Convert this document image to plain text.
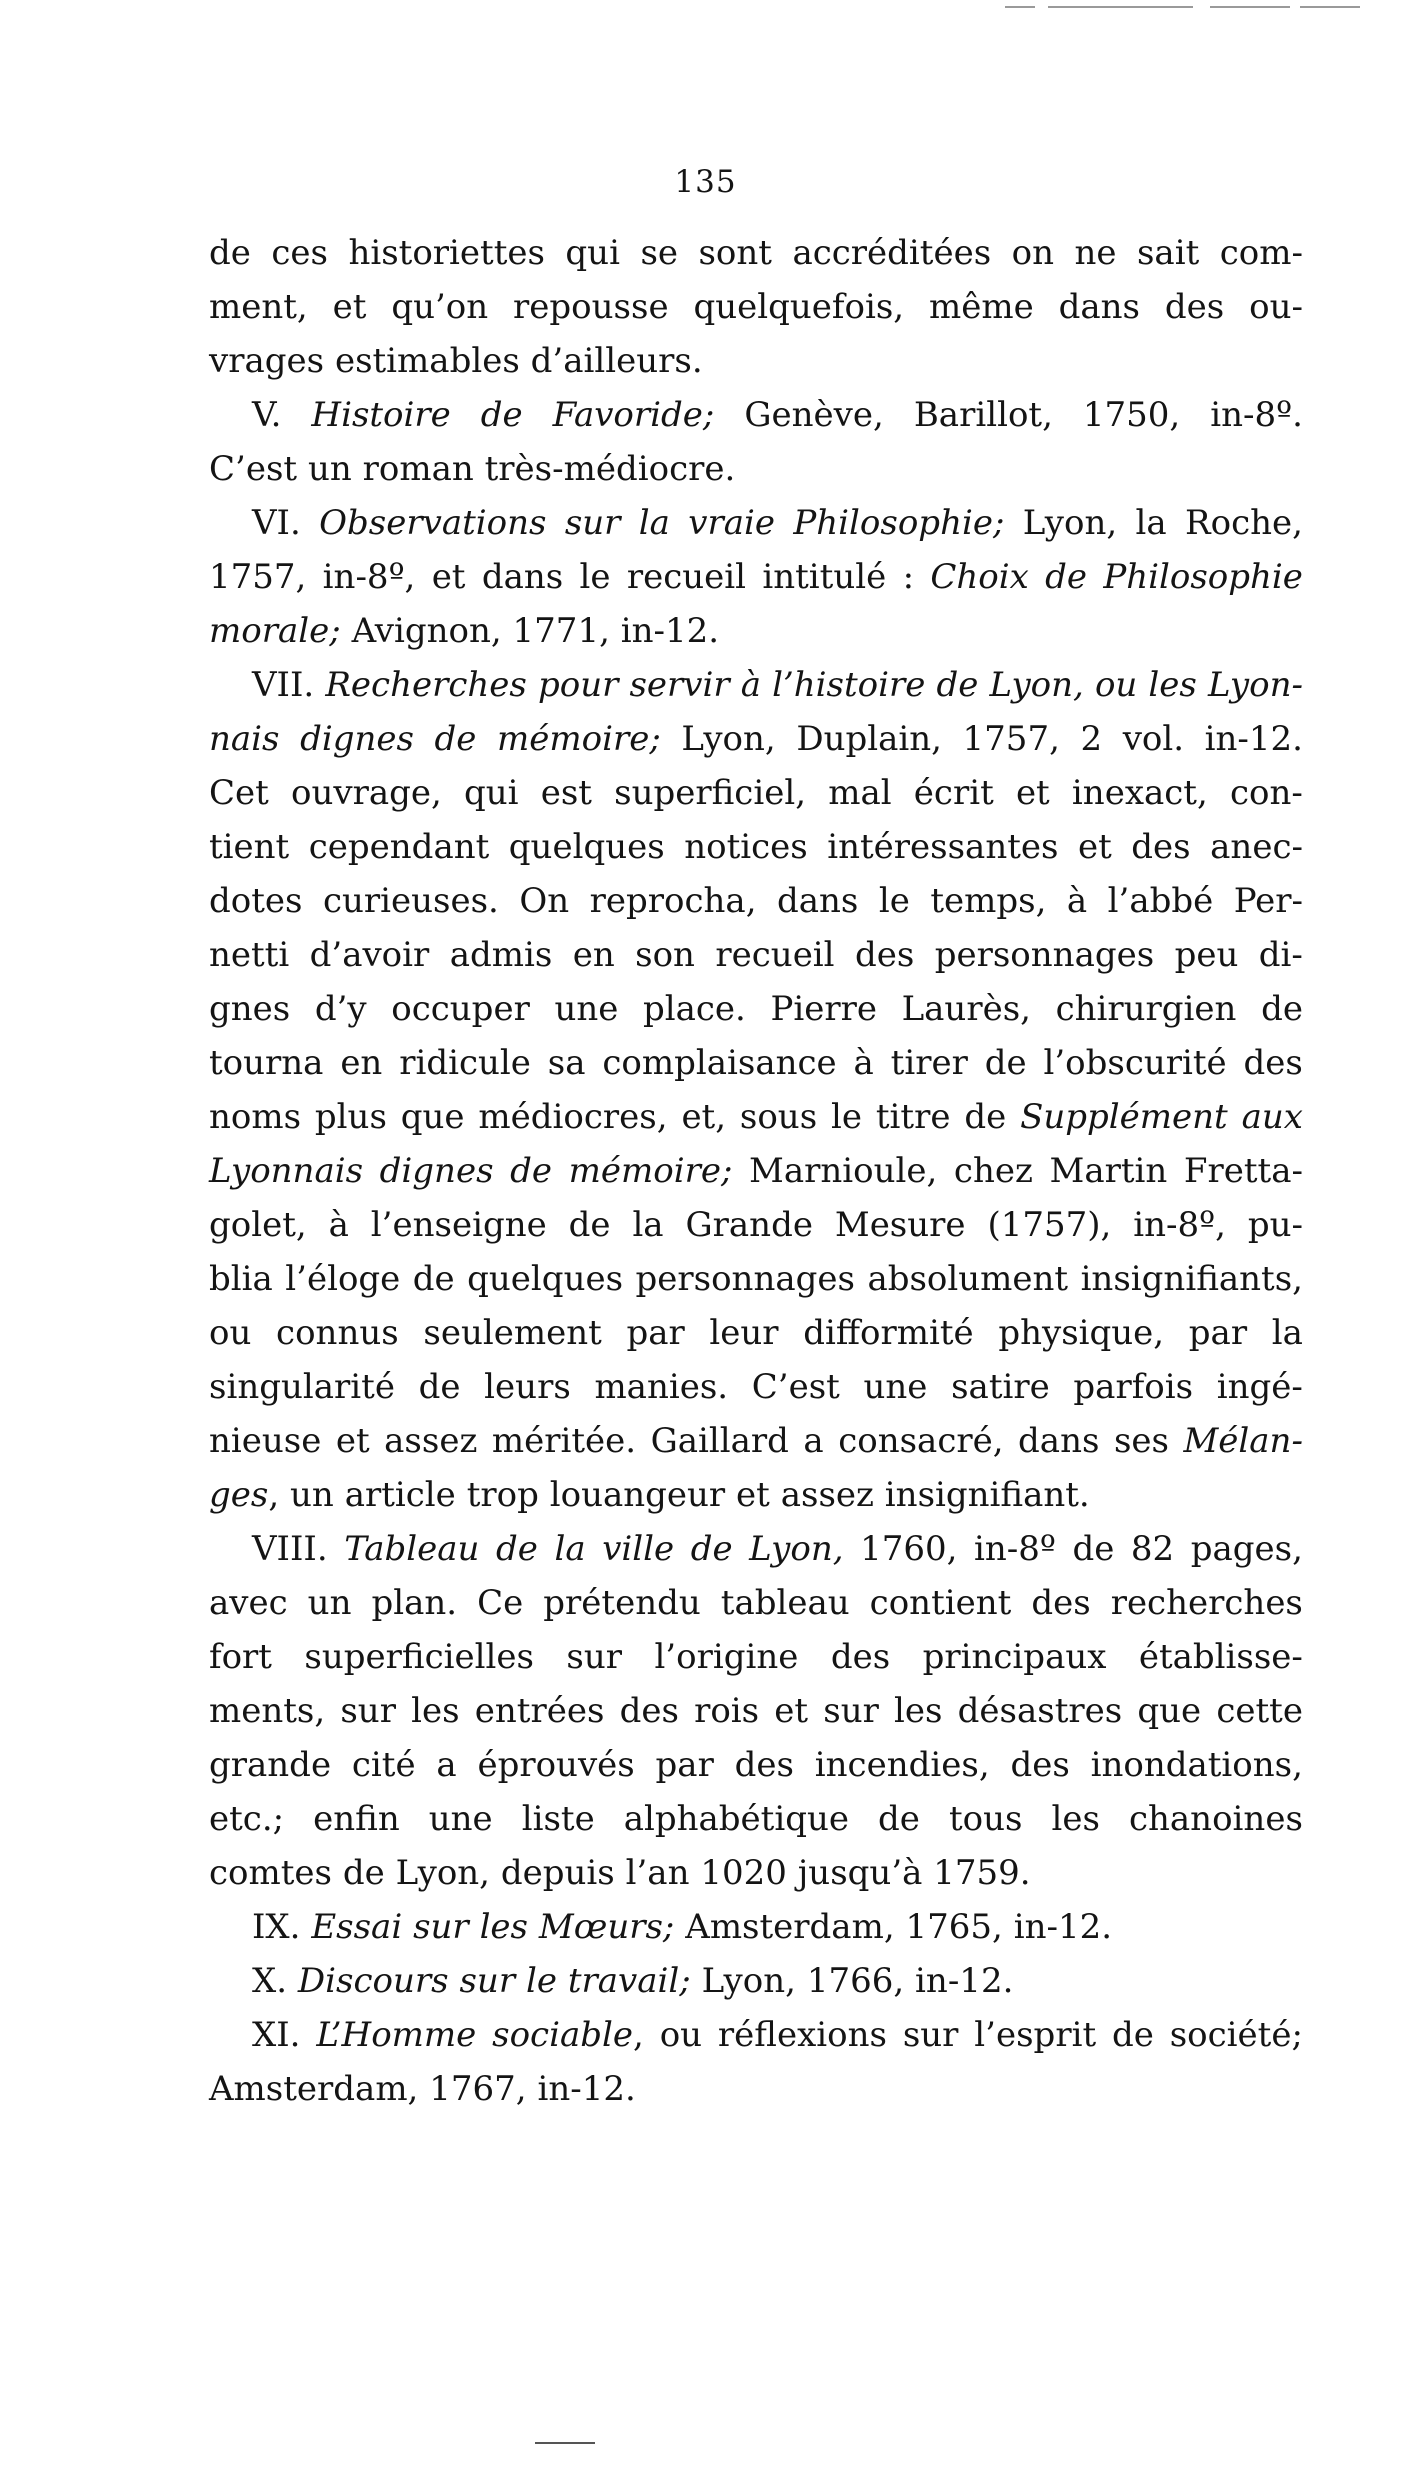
135
de ces historiettes qui se sont accréditées on ne sait com-
ment, et qu’on repousse quelquefois, même dans des ou-
vrages estimables d’ailleurs.
V. Histoire de Favoride; Genève, Barillot, 1750, in-8º.
C’est un roman très-médiocre.
VI. Observations sur la vraie Philosophie; Lyon, la Roche,
1757, in-8º, et dans le recueil intitulé : Choix de Philosophie
morale; Avignon, 1771, in-12.
VII. Recherches pour servir à l’histoire de Lyon, ou les Lyon-
nais dignes de mémoire; Lyon, Duplain, 1757, 2 vol. in-12.
Cet ouvrage, qui est superficiel, mal écrit et inexact, con-
tient cependant quelques notices intéressantes et des anec-
dotes curieuses. On reprocha, dans le temps, à l’abbé Per-
netti d’avoir admis en son recueil des personnages peu di-
gnes d’y occuper une place. Pierre Laurès, chirurgien de
tourna en ridicule sa complaisance à tirer de l’obscurité des
noms plus que médiocres, et, sous le titre de Supplément aux
Lyonnais dignes de mémoire; Marnioule, chez Martin Fretta-
golet, à l’enseigne de la Grande Mesure (1757), in-8º, pu-
blia l’éloge de quelques personnages absolument insignifiants,
ou connus seulement par leur difformité physique, par la
singularité de leurs manies. C’est une satire parfois ingé-
nieuse et assez méritée. Gaillard a consacré, dans ses Mélan-
ges, un article trop louangeur et assez insignifiant.
VIII. Tableau de la ville de Lyon, 1760, in-8º de 82 pages,
avec un plan. Ce prétendu tableau contient des recherches
fort superficielles sur l’origine des principaux établisse-
ments, sur les entrées des rois et sur les désastres que cette
grande cité a éprouvés par des incendies, des inondations,
etc.; enfin une liste alphabétique de tous les chanoines
comtes de Lyon, depuis l’an 1020 jusqu’à 1759.
IX. Essai sur les Mœurs; Amsterdam, 1765, in-12.
X. Discours sur le travail; Lyon, 1766, in-12.
XI. L’Homme sociable, ou réflexions sur l’esprit de société;
Amsterdam, 1767, in-12.
